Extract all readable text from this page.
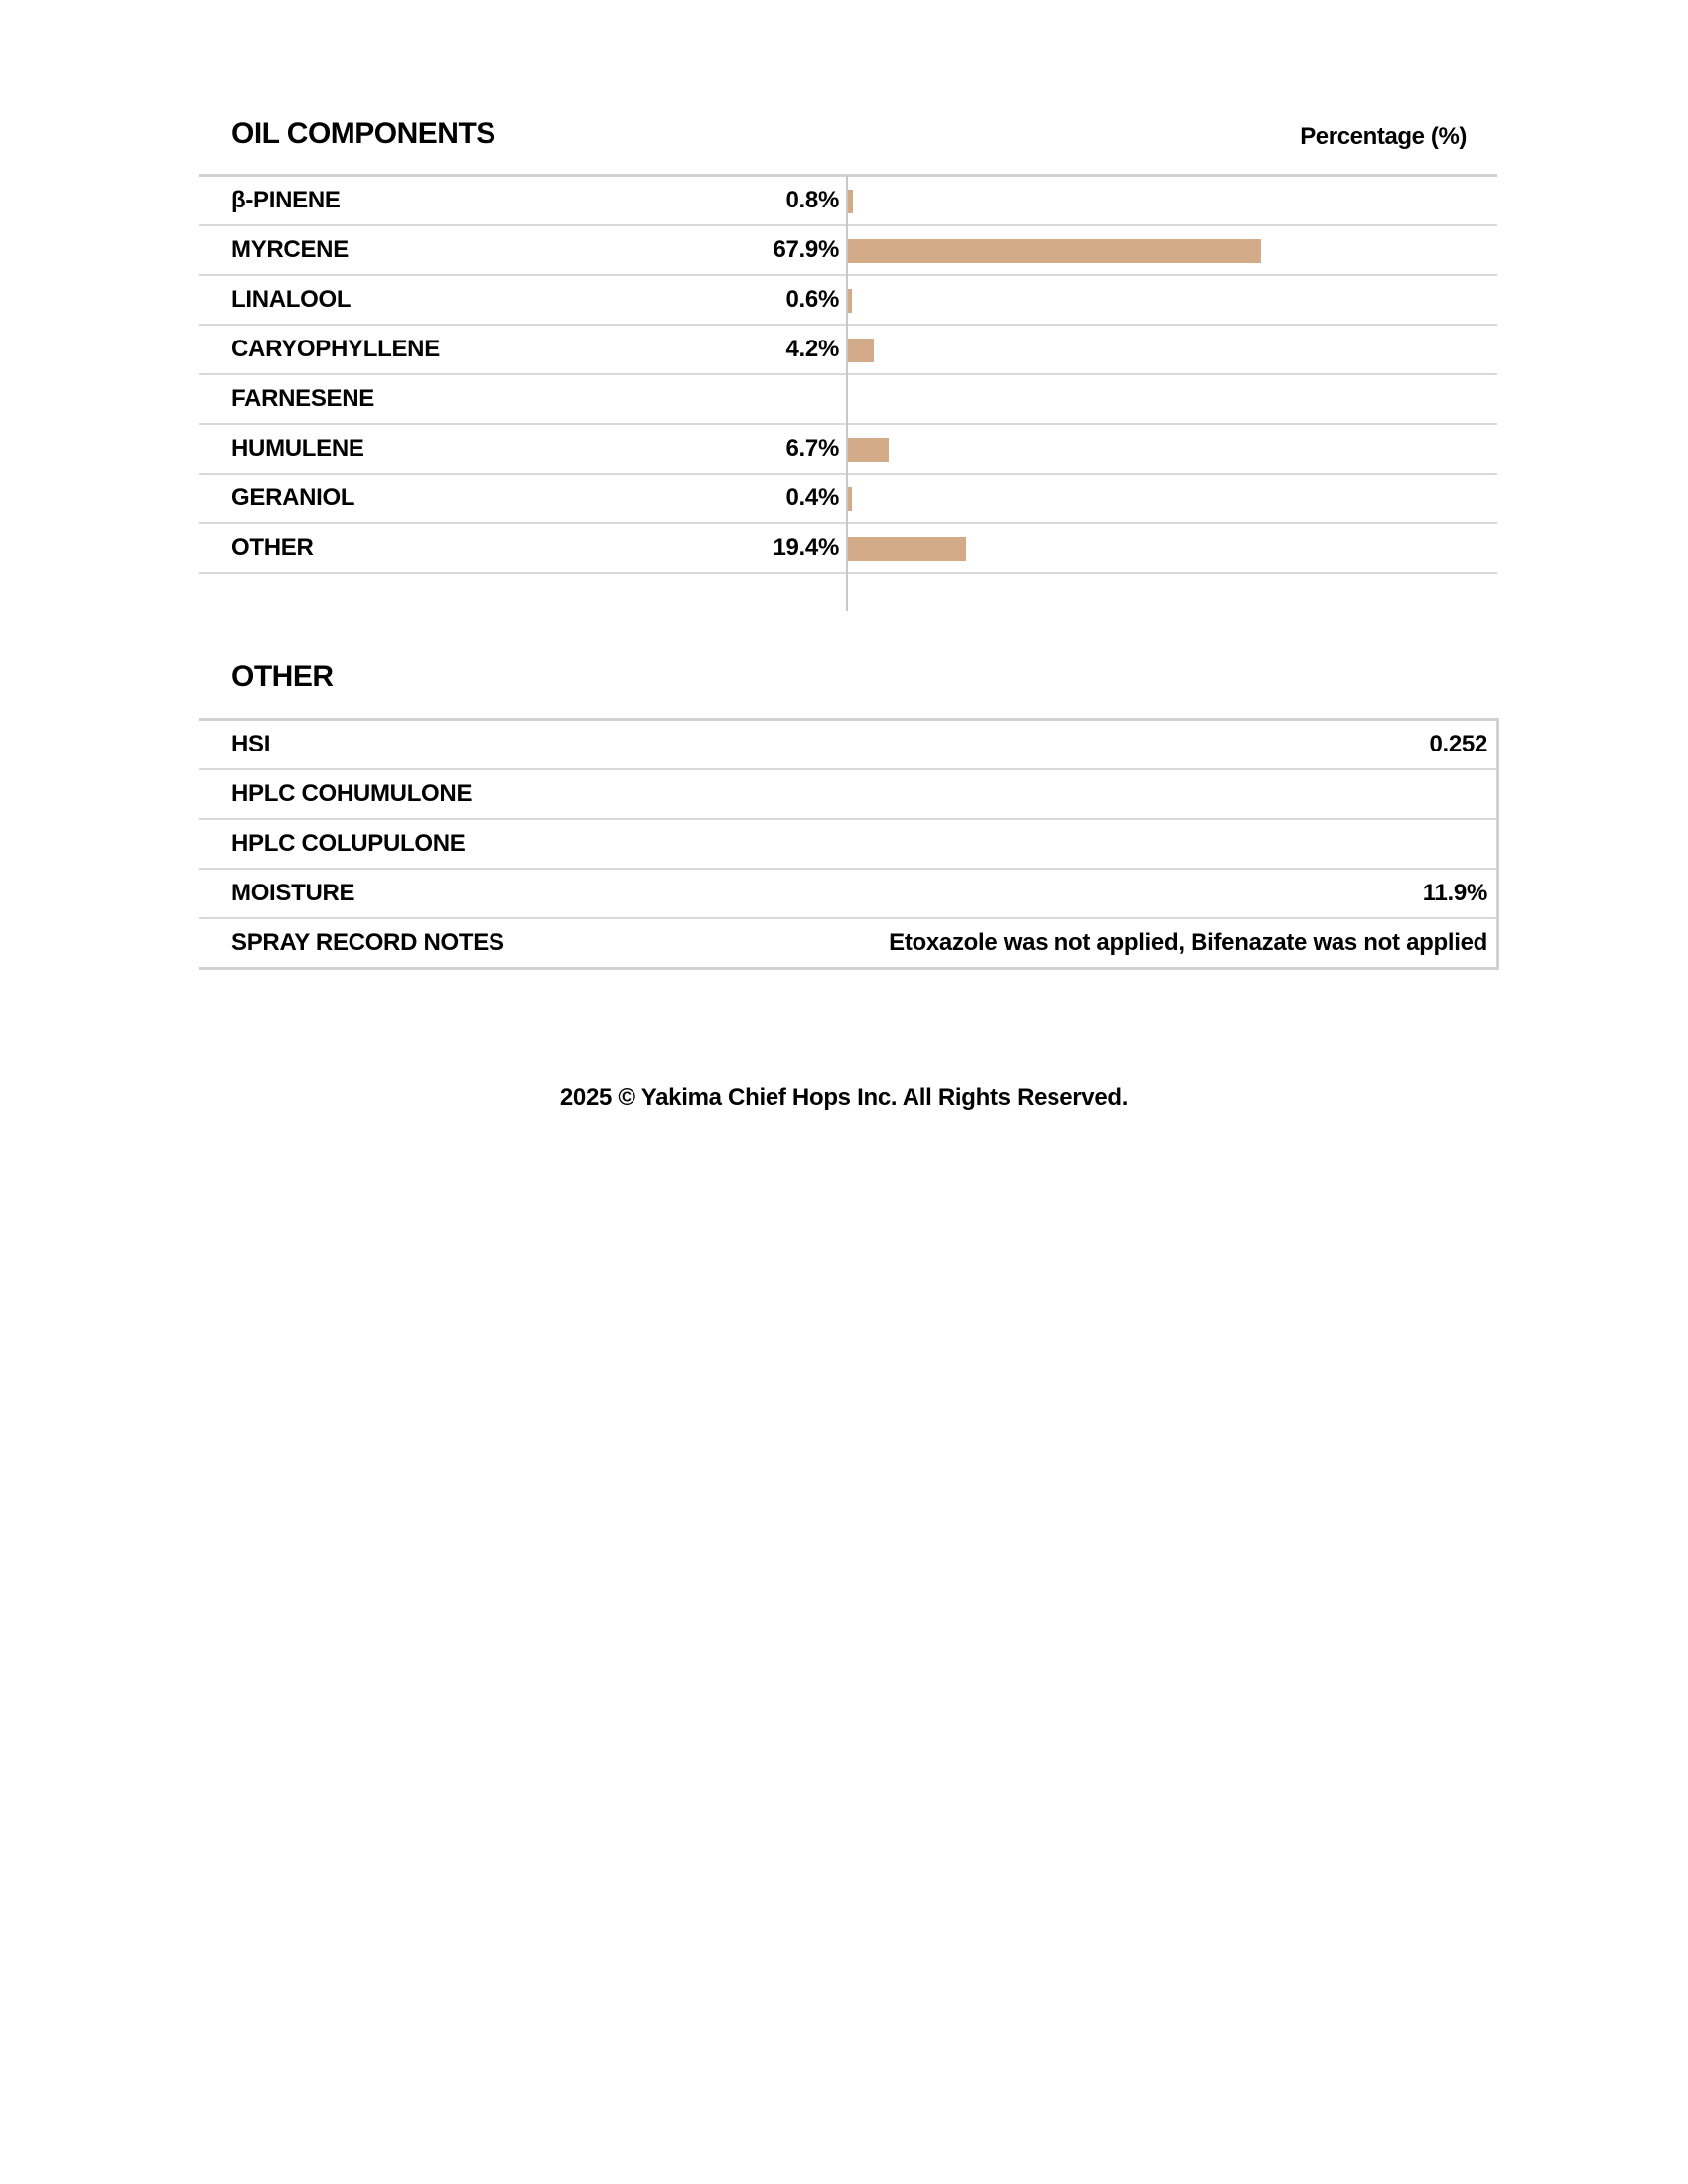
OIL COMPONENTS	Percentage (%)
β-PINENE	0.8%
MYRCENE	67.9%
LINALOOL	0.6%
CARYOPHYLLENE	4.2%
FARNESENE
HUMULENE	6.7%
GERANIOL	0.4%
OTHER	19.4%
OTHER
HSI	0.252
HPLC COHUMULONE
HPLC COLUPULONE
MOISTURE	11.9%
SPRAY RECORD NOTES	Etoxazole was not applied, Bifenazate was not applied
2025 © Yakima Chief Hops Inc. All Rights Reserved.
